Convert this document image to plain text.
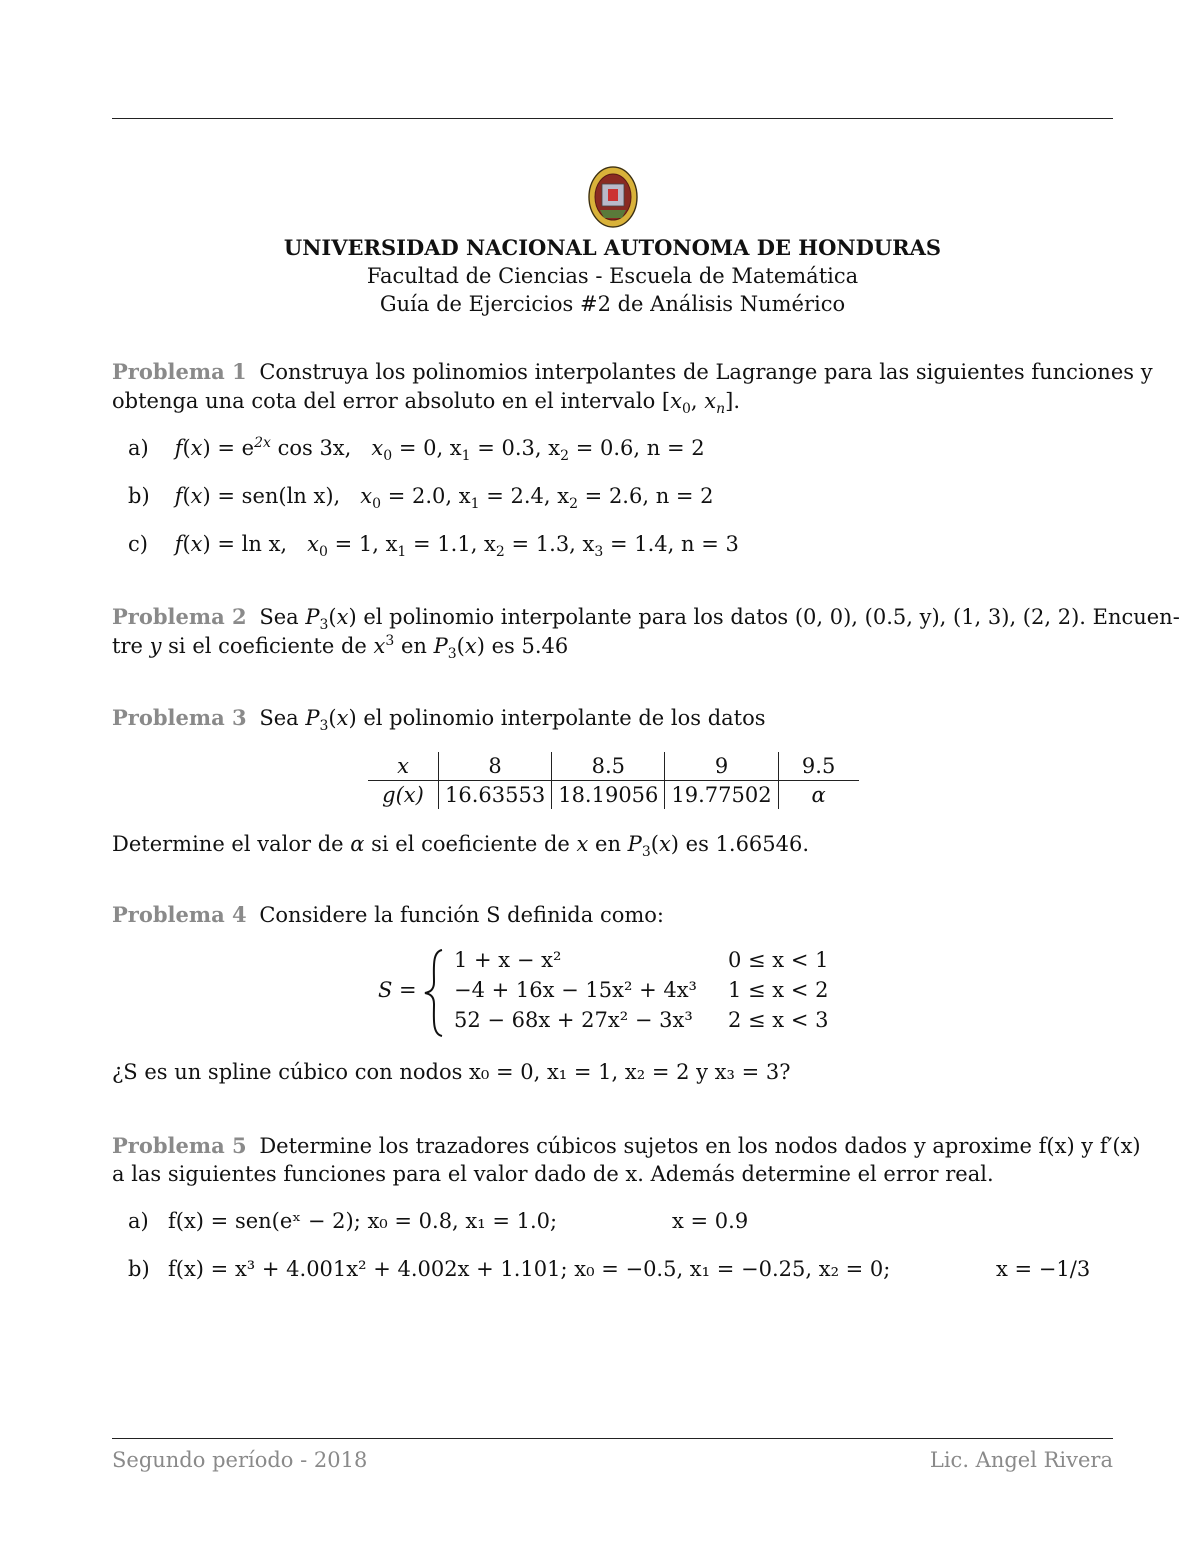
UNIVERSIDAD NACIONAL AUTONOMA DE HONDURAS
Facultad de Ciencias - Escuela de Matemática
Guía de Ejercicios #2 de Análisis Numérico
Problema 1 Construya los polinomios interpolantes de Lagrange para las siguientes funciones y
obtenga una cota del error absoluto en el intervalo [$x_0$, $x_n$].
a) $f(x) = e^{2x}$ cos 3x, $x_0 = 0$, $x_1 = 0.3$, $x_2 = 0.6$, n = 2
b) f(x) = sen(ln x), $x_0 = 2.0$, $x_1 = 2.4$, $x_2 = 2.6$, n = 2
c) f(x) = ln x, $x_0 = 1$, $x_1 = 1.1$, $x_2 = 1.3$, $x_3 = 1.4$, n = 3
Problema 2 Sea $P_3(x)$ el polinomio interpolante para los datos (0, 0), (0.5, y), (1, 3), (2, 2). Encuen-
tre y si el coeficiente de $x^3$ en $P_3(x)$ es 5.46
Problema 3 Sea $P_3(x)$ el polinomio interpolante de los datos
x	8	8.5	9	9.5
g(x)	16.63553	18.19056	19.77502	α
Determine el valor de α si el coeficiente de x en $P_3(x)$ es 1.66546.
Problema 4 Considere la función S definida como:
S =
1 + x − x²	0 ≤ x < 1
−4 + 16x − 15x² + 4x³ 1 ≤ x < 2
52 − 68x + 27x² − 3x³ 2 ≤ x < 3
¿S es un spline cúbico con nodos x₀ = 0, x₁ = 1, x₂ = 2 y x₃ = 3?
Problema 5 Determine los trazadores cúbicos sujetos en los nodos dados y aproxime f(x) y f′(x)
a las siguientes funciones para el valor dado de x. Además determine el error real.
a) f(x) = sen(eˣ − 2); x₀ = 0.8, x₁ = 1.0;	x = 0.9
b) f(x) = x³ + 4.001x² + 4.002x + 1.101; x₀ = −0.5, x₁ = −0.25, x₂ = 0;	x = −1/3
Segundo período - 2018	Lic. Angel Rivera
